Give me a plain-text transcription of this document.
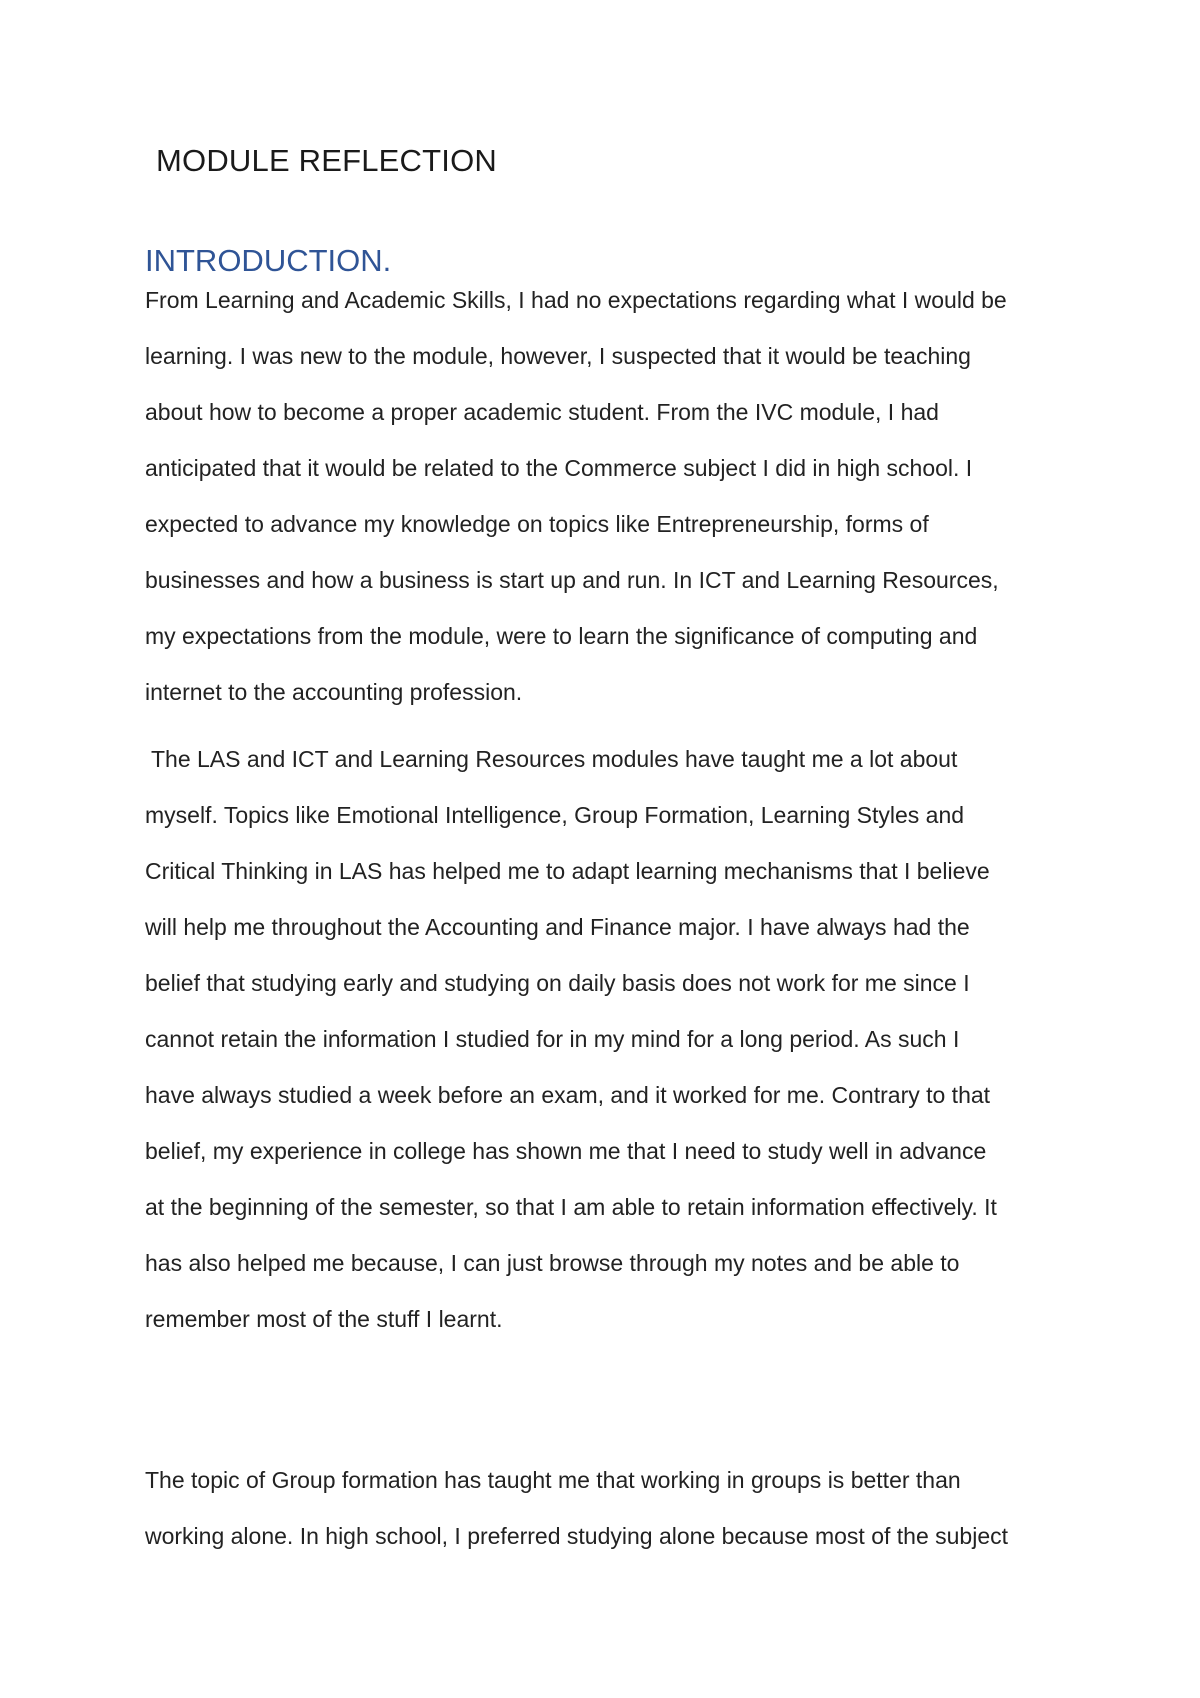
MODULE REFLECTION
INTRODUCTION.

From Learning and Academic Skills, I had no expectations regarding what I would be
learning. I was new to the module, however, I suspected that it would be teaching
about how to become a proper academic student. From the IVC module, I had
anticipated that it would be related to the Commerce subject I did in high school. I
expected to advance my knowledge on topics like Entrepreneurship, forms of
businesses and how a business is start up and run. In ICT and Learning Resources,
my expectations from the module, were to learn the significance of computing and
internet to the accounting profession.

The LAS and ICT and Learning Resources modules have taught me a lot about
myself. Topics like Emotional Intelligence, Group Formation, Learning Styles and
Critical Thinking in LAS has helped me to adapt learning mechanisms that I believe
will help me throughout the Accounting and Finance major. I have always had the
belief that studying early and studying on daily basis does not work for me since I
cannot retain the information I studied for in my mind for a long period. As such I
have always studied a week before an exam, and it worked for me. Contrary to that
belief, my experience in college has shown me that I need to study well in advance
at the beginning of the semester, so that I am able to retain information effectively. It
has also helped me because, I can just browse through my notes and be able to
remember most of the stuff I learnt.

The topic of Group formation has taught me that working in groups is better than
working alone. In high school, I preferred studying alone because most of the subject
